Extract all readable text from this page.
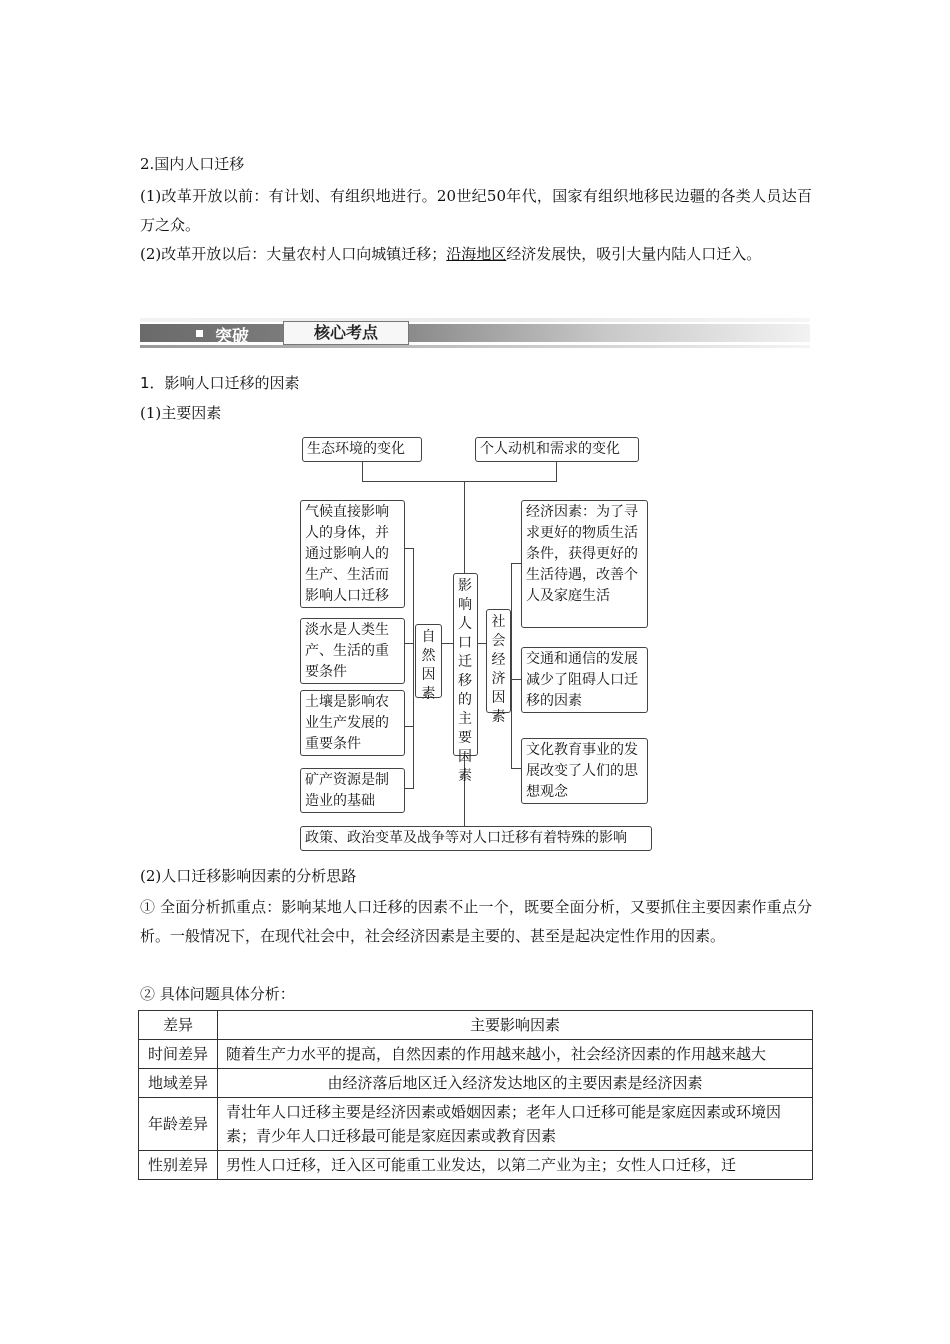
2.国内人口迁移
(1)改革开放以前：有计划、有组织地进行。20世纪50年代，国家有组织地移民边疆的各类人员达百万之众。
(2)改革开放以后：大量农村人口向城镇迁移；沿海地区经济发展快，吸引大量内陆人口迁入。
突破	核心考点
1．影响人口迁移的因素
(1)主要因素
生态环境的变化	个人动机和需求的变化
影响人口迁移的主要因素
自然因素
社会经济因素
气候直接影响人的身体，并通过影响人的生产、生活而影响人口迁移
淡水是人类生产、生活的重要条件
土壤是影响农业生产发展的重要条件
矿产资源是制造业的基础
经济因素：为了寻求更好的物质生活条件，获得更好的生活待遇，改善个人及家庭生活
交通和通信的发展减少了阻碍人口迁移的因素
文化教育事业的发展改变了人们的思想观念
政策、政治变革及战争等对人口迁移有着特殊的影响
(2)人口迁移影响因素的分析思路
① 全面分析抓重点：影响某地人口迁移的因素不止一个，既要全面分析，又要抓住主要因素作重点分析。一般情况下，在现代社会中，社会经济因素是主要的、甚至是起决定性作用的因素。
② 具体问题具体分析：
差异	主要影响因素
时间差异	随着生产力水平的提高，自然因素的作用越来越小，社会经济因素的作用越来越大
地域差异	由经济落后地区迁入经济发达地区的主要因素是经济因素
年龄差异	青壮年人口迁移主要是经济因素或婚姻因素；老年人口迁移可能是家庭因素或环境因素；青少年人口迁移最可能是家庭因素或教育因素
性别差异	男性人口迁移，迁入区可能重工业发达，以第二产业为主；女性人口迁移，迁
